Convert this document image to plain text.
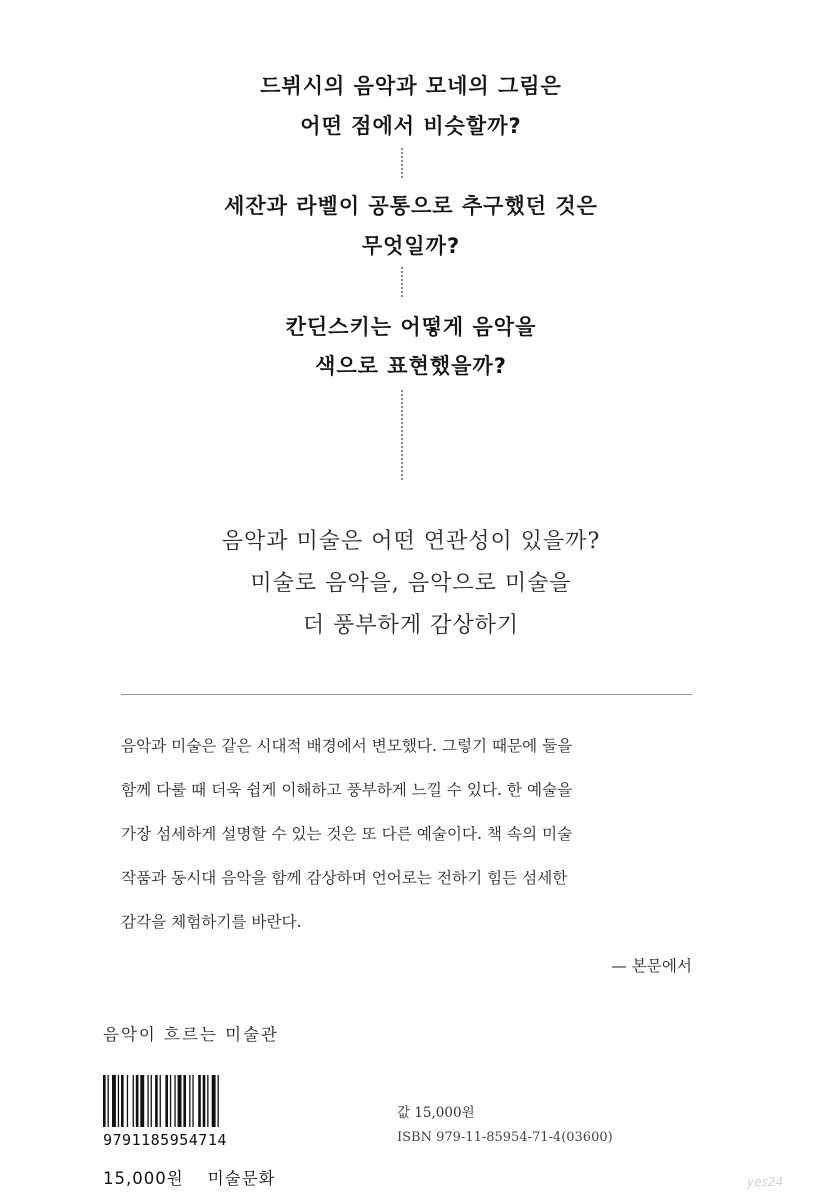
드뷔시의 음악과 모네의 그림은
어떤 점에서 비슷할까?
세잔과 라벨이 공통으로 추구했던 것은
무엇일까?
칸딘스키는 어떻게 음악을
색으로 표현했을까?
음악과 미술은 어떤 연관성이 있을까?
미술로 음악을, 음악으로 미술을
더 풍부하게 감상하기
음악과 미술은 같은 시대적 배경에서 변모했다. 그렇기 때문에 둘을
함께 다룰 때 더욱 쉽게 이해하고 풍부하게 느낄 수 있다. 한 예술을
가장 섬세하게 설명할 수 있는 것은 또 다른 예술이다. 책 속의 미술
작품과 동시대 음악을 함께 감상하며 언어로는 전하기 힘든 섬세한
감각을 체험하기를 바란다.
— 본문에서
음악이 흐르는 미술관
9791185954714
15,000원 미술문화
값 15,000원
ISBN 979-11-85954-71-4(03600)
yes24
